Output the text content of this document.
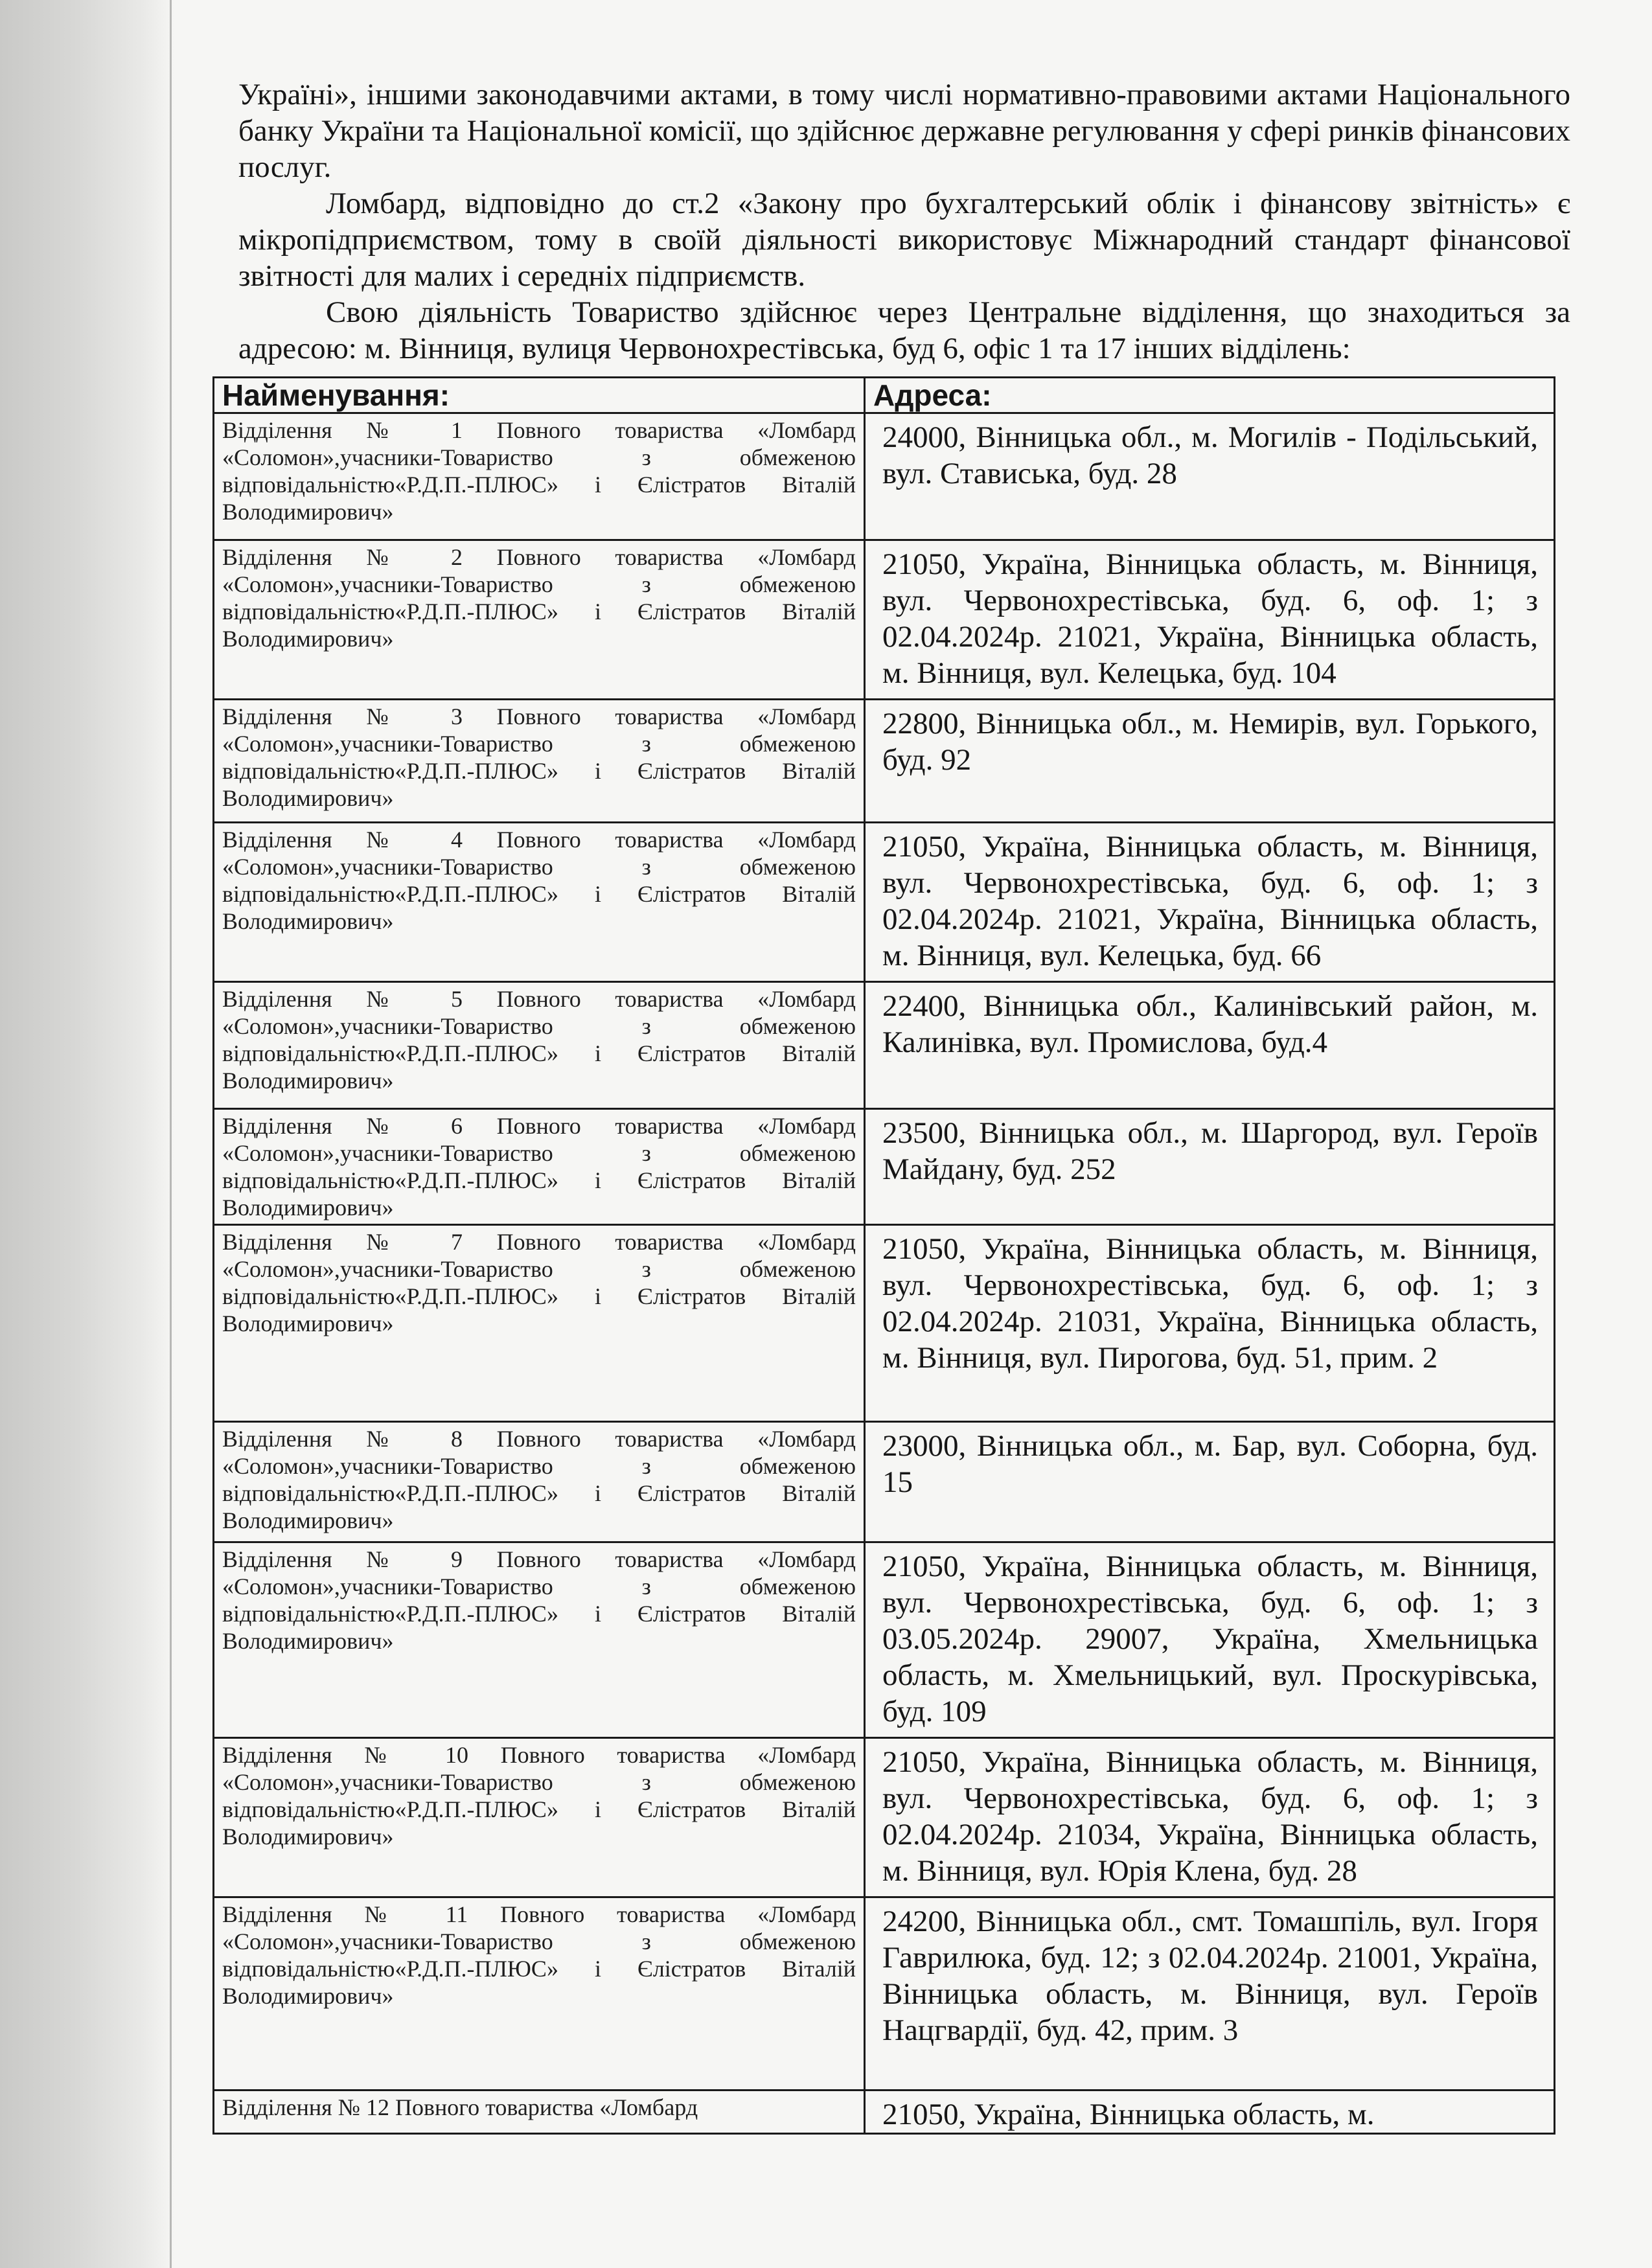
Україні», іншими законодавчими актами, в тому числі нормативно-правовими актами Національного банку України та Національної комісії, що здійснює державне регулювання у сфері ринків фінансових послуг.

Ломбард, відповідно до ст.2 «Закону про бухгалтерський облік і фінансову звітність» є мікропідприємством, тому в своїй діяльності використовує Міжнародний стандарт фінансової звітності для малих і середніх підприємств.

Свою діяльність Товариство здійснює через Центральне відділення, що знаходиться за адресою: м. Вінниця, вулиця Червонохрестівська, буд 6, офіс 1 та 17 інших відділень:

Найменування:	Адреса:
Відділення № 1 Повного товариства «Ломбард «Соломон»,учасники-Товариство з обмеженою відповідальністю«Р.Д.П.-ПЛЮС» і Єлістратов Віталій Володимирович»	24000, Вінницька обл., м. Могилів - Подільський, вул. Стависька, буд. 28
Відділення № 2 Повного товариства «Ломбард «Соломон»,учасники-Товариство з обмеженою відповідальністю«Р.Д.П.-ПЛЮС» і Єлістратов Віталій Володимирович»	21050, Україна, Вінницька область, м. Вінниця, вул. Червонохрестівська, буд. 6, оф. 1; з 02.04.2024р. 21021, Україна, Вінницька область, м. Вінниця, вул. Келецька, буд. 104
Відділення № 3 Повного товариства «Ломбард «Соломон»,учасники-Товариство з обмеженою відповідальністю«Р.Д.П.-ПЛЮС» і Єлістратов Віталій Володимирович»	22800, Вінницька обл., м. Немирів, вул. Горького, буд. 92
Відділення № 4 Повного товариства «Ломбард «Соломон»,учасники-Товариство з обмеженою відповідальністю«Р.Д.П.-ПЛЮС» і Єлістратов Віталій Володимирович»	21050, Україна, Вінницька область, м. Вінниця, вул. Червонохрестівська, буд. 6, оф. 1; з 02.04.2024р. 21021, Україна, Вінницька область, м. Вінниця, вул. Келецька, буд. 66
Відділення № 5 Повного товариства «Ломбард «Соломон»,учасники-Товариство з обмеженою відповідальністю«Р.Д.П.-ПЛЮС» і Єлістратов Віталій Володимирович»	22400, Вінницька обл., Калинівський район, м. Калинівка, вул. Промислова, буд.4
Відділення № 6 Повного товариства «Ломбард «Соломон»,учасники-Товариство з обмеженою відповідальністю«Р.Д.П.-ПЛЮС» і Єлістратов Віталій Володимирович»	23500, Вінницька обл., м. Шаргород, вул. Героїв Майдану, буд. 252
Відділення № 7 Повного товариства «Ломбард «Соломон»,учасники-Товариство з обмеженою відповідальністю«Р.Д.П.-ПЛЮС» і Єлістратов Віталій Володимирович»	21050, Україна, Вінницька область, м. Вінниця, вул. Червонохрестівська, буд. 6, оф. 1; з 02.04.2024р. 21031, Україна, Вінницька область, м. Вінниця, вул. Пирогова, буд. 51, прим. 2
Відділення № 8 Повного товариства «Ломбард «Соломон»,учасники-Товариство з обмеженою відповідальністю«Р.Д.П.-ПЛЮС» і Єлістратов Віталій Володимирович»	23000, Вінницька обл., м. Бар, вул. Соборна, буд. 15
Відділення № 9 Повного товариства «Ломбард «Соломон»,учасники-Товариство з обмеженою відповідальністю«Р.Д.П.-ПЛЮС» і Єлістратов Віталій Володимирович»	21050, Україна, Вінницька область, м. Вінниця, вул. Червонохрестівська, буд. 6, оф. 1; з 03.05.2024р. 29007, Україна, Хмельницька область, м. Хмельницький, вул. Проскурівська, буд. 109
Відділення № 10 Повного товариства «Ломбард «Соломон»,учасники-Товариство з обмеженою відповідальністю«Р.Д.П.-ПЛЮС» і Єлістратов Віталій Володимирович»	21050, Україна, Вінницька область, м. Вінниця, вул. Червонохрестівська, буд. 6, оф. 1; з 02.04.2024р. 21034, Україна, Вінницька область, м. Вінниця, вул. Юрія Клена, буд. 28
Відділення № 11 Повного товариства «Ломбард «Соломон»,учасники-Товариство з обмеженою відповідальністю«Р.Д.П.-ПЛЮС» і Єлістратов Віталій Володимирович»	24200, Вінницька обл., смт. Томашпіль, вул. Ігоря Гаврилюка, буд. 12; з 02.04.2024р. 21001, Україна, Вінницька область, м. Вінниця, вул. Героїв Нацгвардії, буд. 42, прим. 3
Відділення № 12 Повного товариства «Ломбард	21050, Україна, Вінницька область, м.
